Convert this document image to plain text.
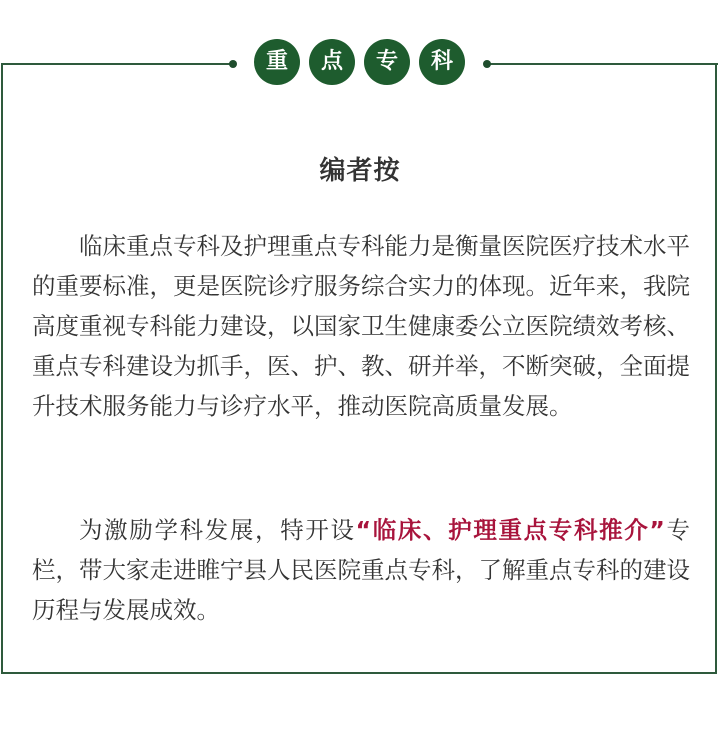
重	点	专	科
编者按

临床重点专科及护理重点专科能力是衡量医院医疗技术水平的重要标准，更是医院诊疗服务综合实力的体现。近年来，我院高度重视专科能力建设，以国家卫生健康委公立医院绩效考核、重点专科建设为抓手，医、护、教、研并举，不断突破，全面提升技术服务能力与诊疗水平，推动医院高质量发展。

为激励学科发展，特开设“临床、护理重点专科推介”专栏，带大家走进睢宁县人民医院重点专科，了解重点专科的建设历程与发展成效。
